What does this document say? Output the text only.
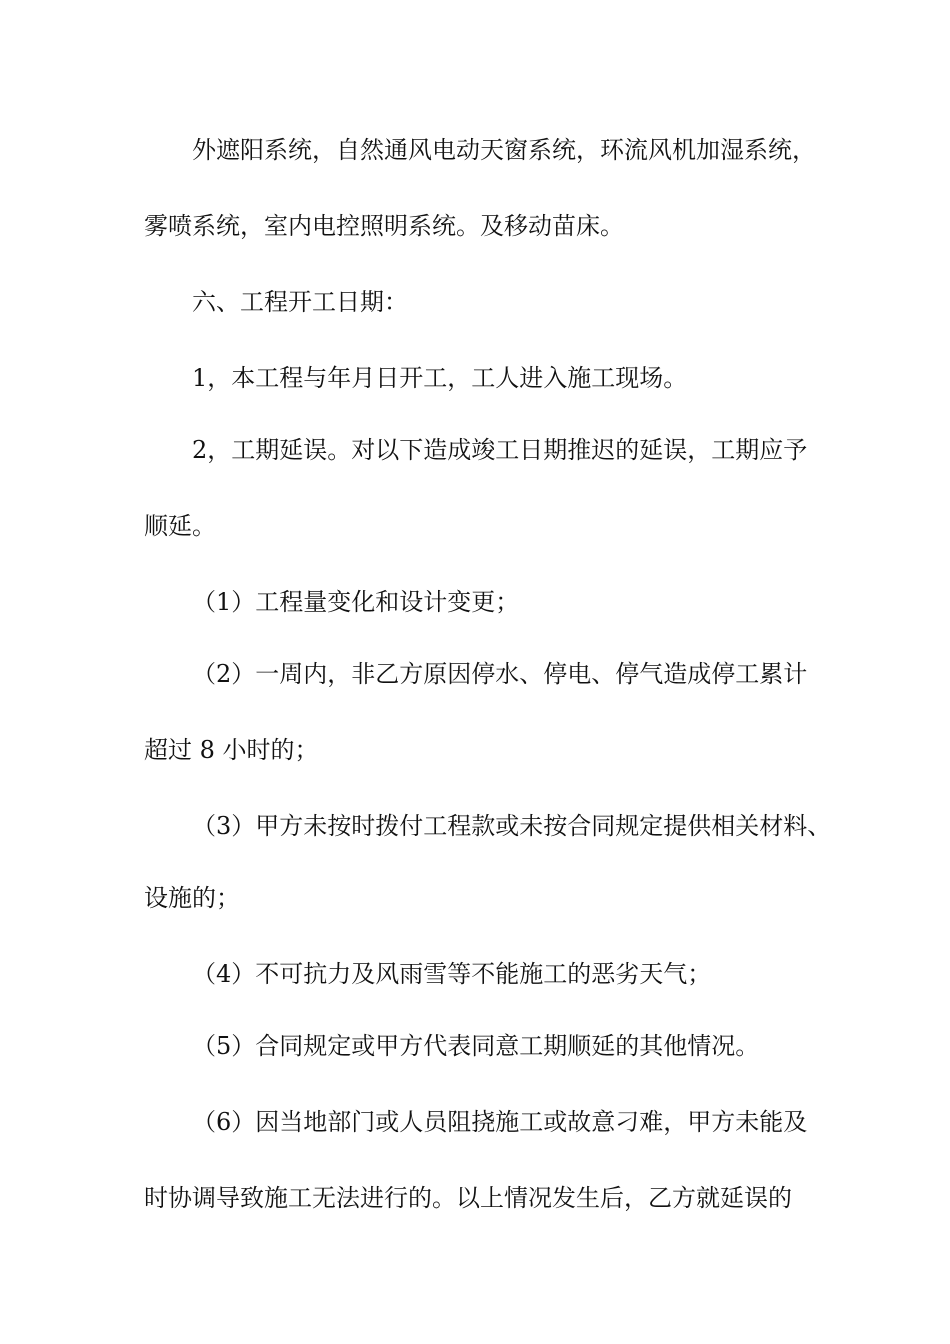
外遮阳系统，自然通风电动天窗系统，环流风机加湿系统，

雾喷系统，室内电控照明系统。及移动苗床。

六、工程开工日期：

1，本工程与年月日开工，工人进入施工现场。

2，工期延误。对以下造成竣工日期推迟的延误，工期应予

顺延。

（1）工程量变化和设计变更；

（2）一周内，非乙方原因停水、停电、停气造成停工累计

超过 8 小时的；

（3）甲方未按时拨付工程款或未按合同规定提供相关材料、

设施的；

（4）不可抗力及风雨雪等不能施工的恶劣天气；

（5）合同规定或甲方代表同意工期顺延的其他情况。

（6）因当地部门或人员阻挠施工或故意刁难，甲方未能及

时协调导致施工无法进行的。以上情况发生后，乙方就延误的
